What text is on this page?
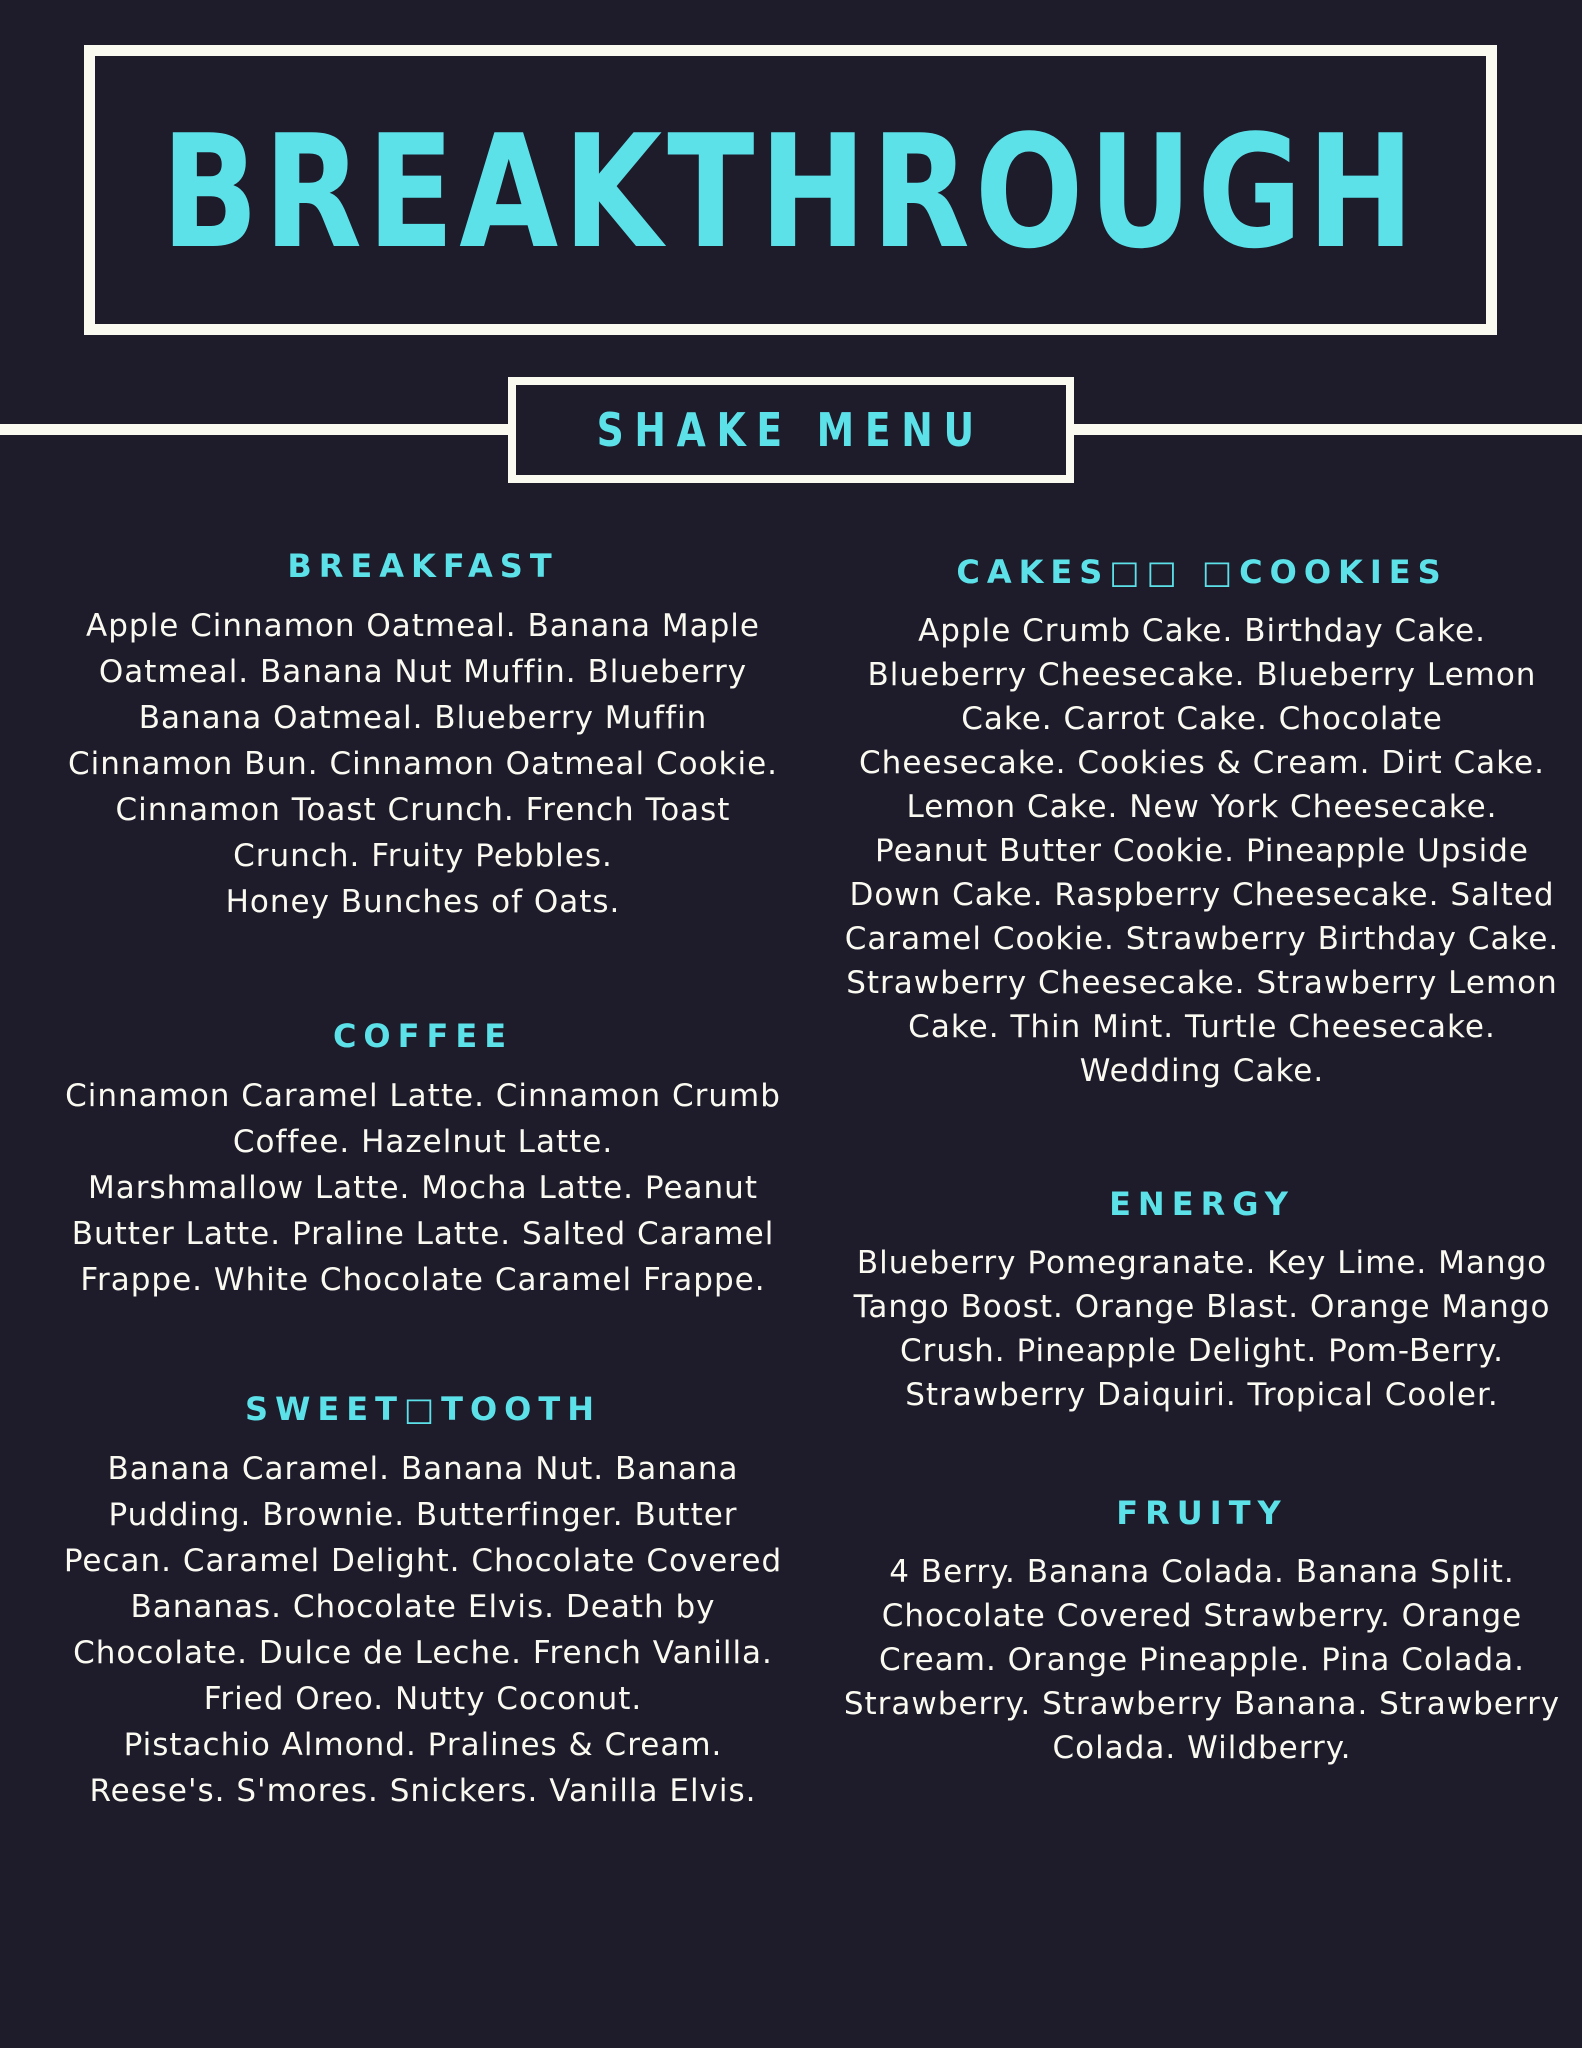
BREAKTHROUGH
SHAKE MENU
BREAKFAST
Apple Cinnamon Oatmeal. Banana Maple
Oatmeal. Banana Nut Muffin. Blueberry
Banana Oatmeal. Blueberry Muffin
Cinnamon Bun. Cinnamon Oatmeal Cookie.
Cinnamon Toast Crunch. French Toast
Crunch. Fruity Pebbles.
Honey Bunches of Oats.
COFFEE
Cinnamon Caramel Latte. Cinnamon Crumb
Coffee. Hazelnut Latte.
Marshmallow Latte. Mocha Latte. Peanut
Butter Latte. Praline Latte. Salted Caramel
Frappe. White Chocolate Caramel Frappe.
SWEET□TOOTH
Banana Caramel. Banana Nut. Banana
Pudding. Brownie. Butterfinger. Butter
Pecan. Caramel Delight. Chocolate Covered
Bananas. Chocolate Elvis. Death by
Chocolate. Dulce de Leche. French Vanilla.
Fried Oreo. Nutty Coconut.
Pistachio Almond. Pralines & Cream.
Reese's. S'mores. Snickers. Vanilla Elvis.
CAKES□□ □COOKIES
Apple Crumb Cake. Birthday Cake.
Blueberry Cheesecake. Blueberry Lemon
Cake. Carrot Cake. Chocolate
Cheesecake. Cookies & Cream. Dirt Cake.
Lemon Cake. New York Cheesecake.
Peanut Butter Cookie. Pineapple Upside
Down Cake. Raspberry Cheesecake. Salted
Caramel Cookie. Strawberry Birthday Cake.
Strawberry Cheesecake. Strawberry Lemon
Cake. Thin Mint. Turtle Cheesecake.
Wedding Cake.
ENERGY
Blueberry Pomegranate. Key Lime. Mango
Tango Boost. Orange Blast. Orange Mango
Crush. Pineapple Delight. Pom-Berry.
Strawberry Daiquiri. Tropical Cooler.
FRUITY
4 Berry. Banana Colada. Banana Split.
Chocolate Covered Strawberry. Orange
Cream. Orange Pineapple. Pina Colada.
Strawberry. Strawberry Banana. Strawberry
Colada. Wildberry.
